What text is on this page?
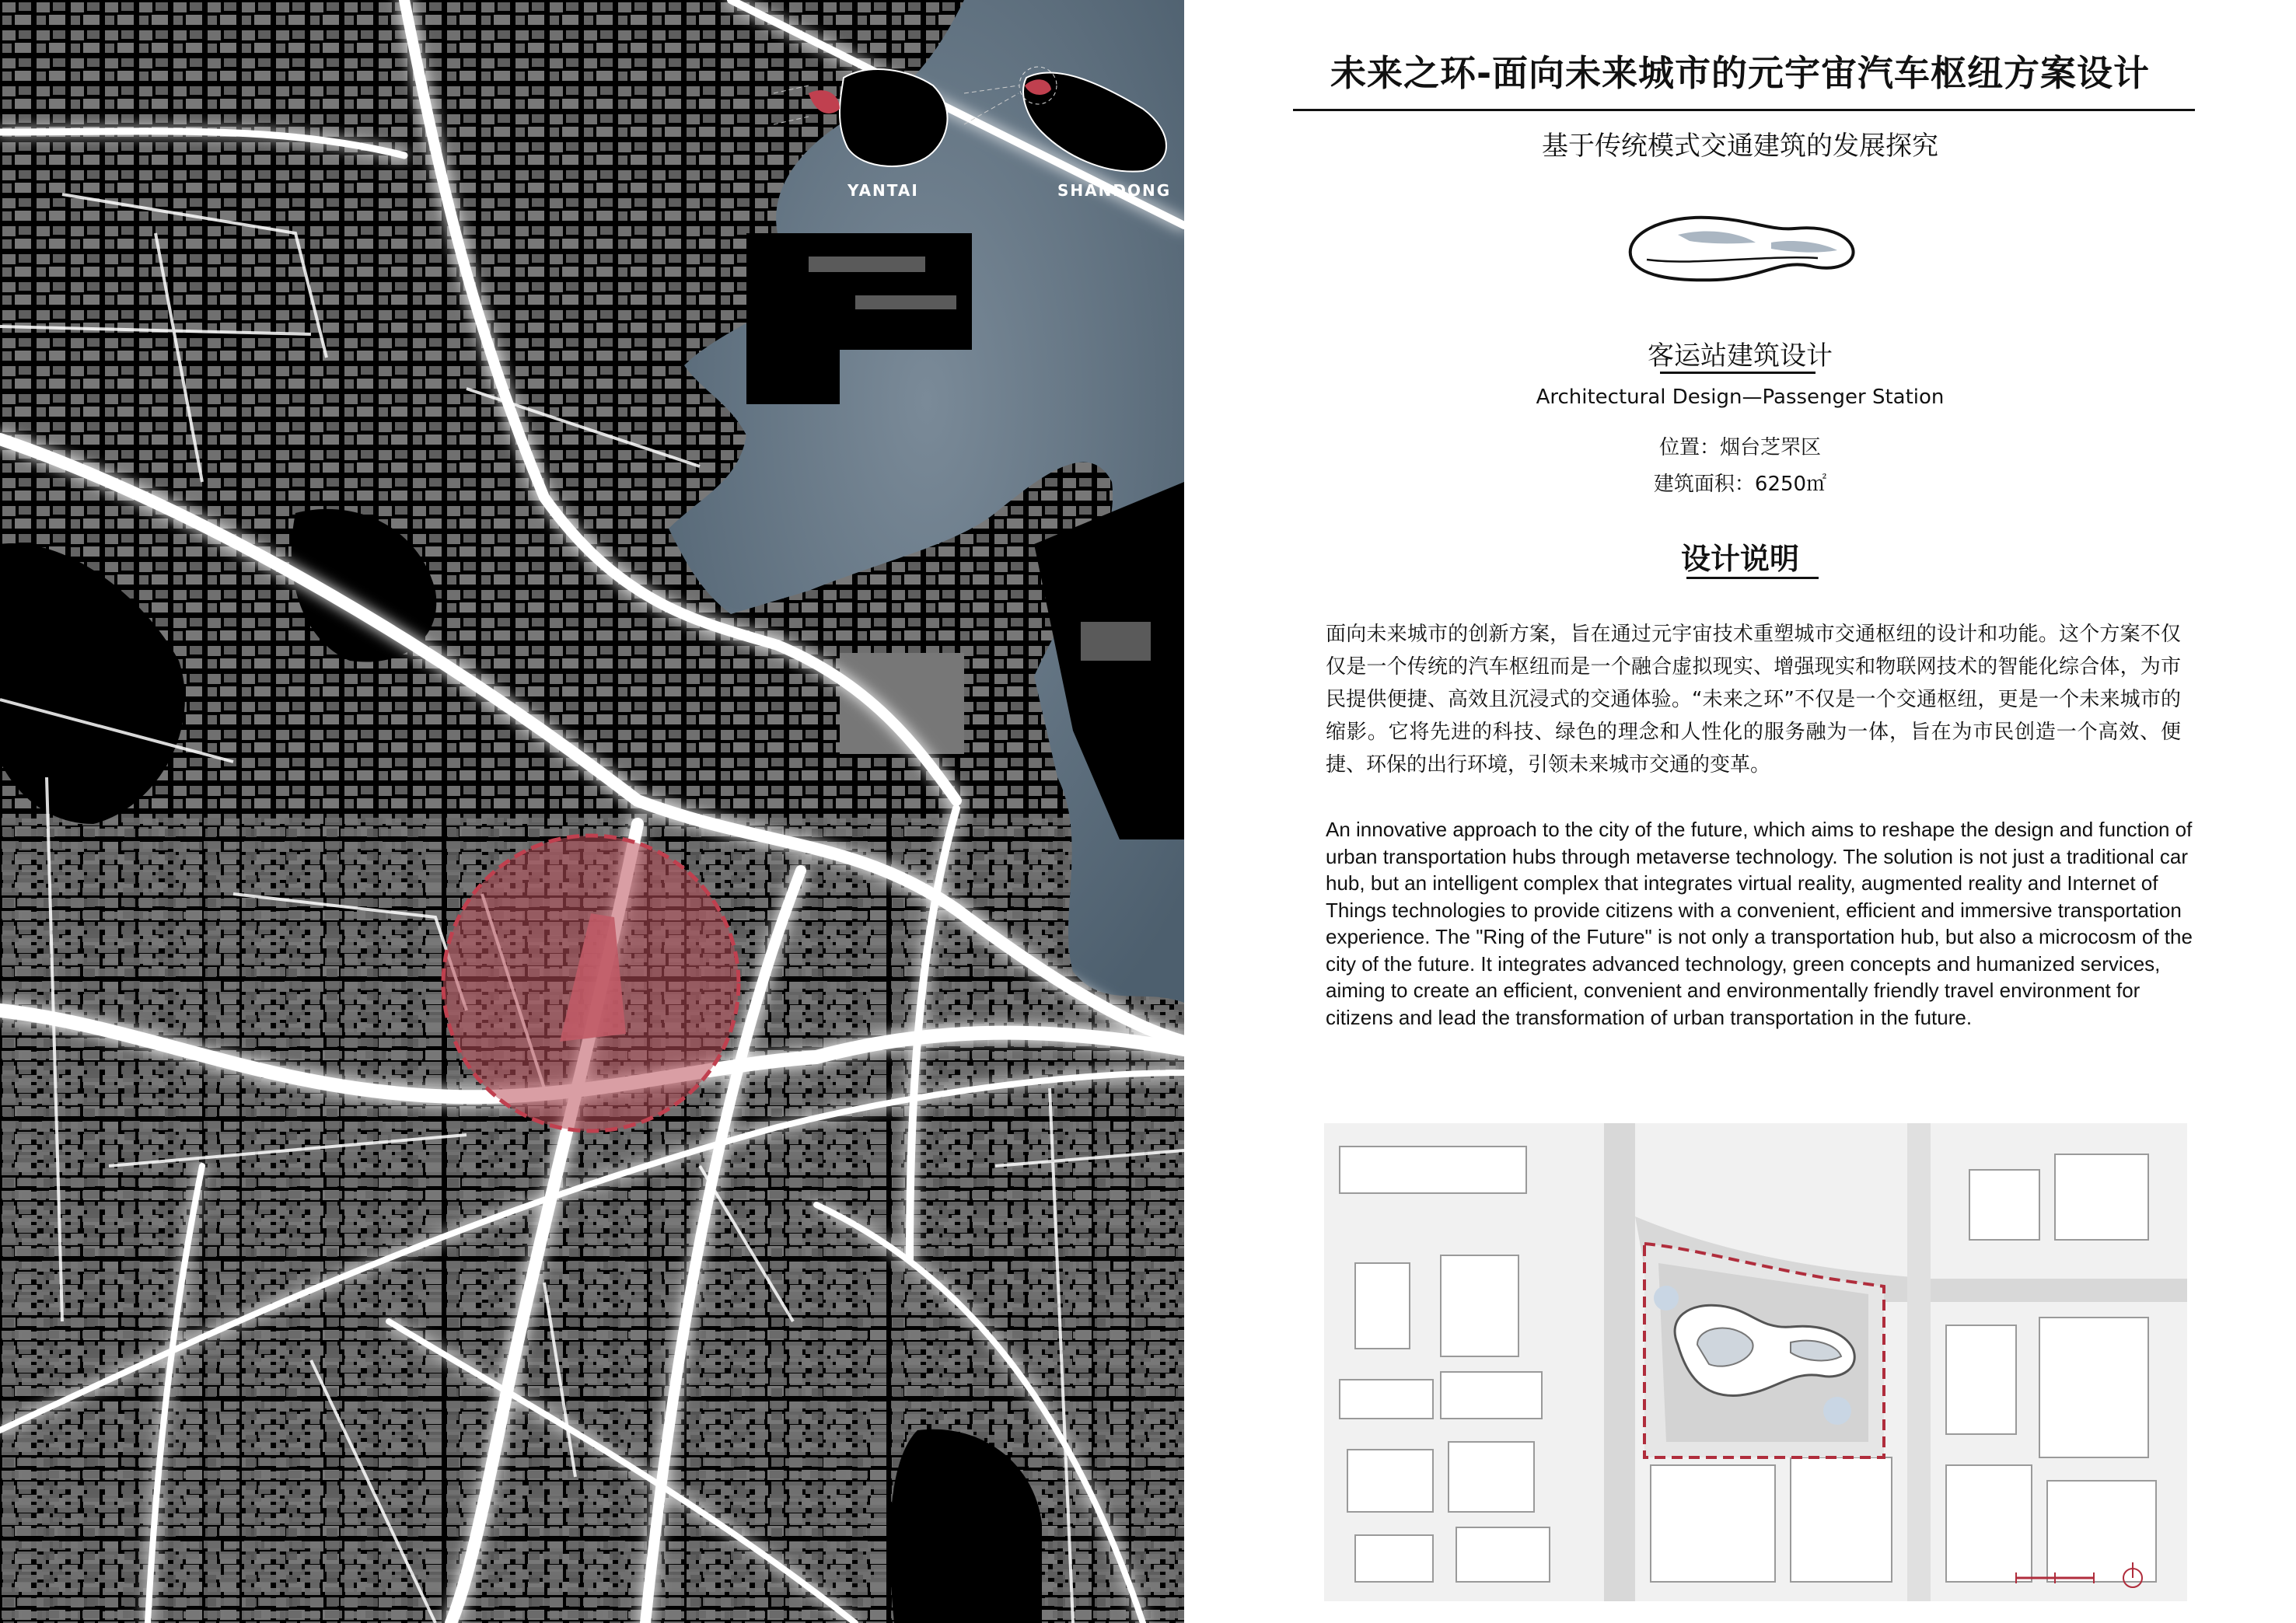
YANTAI	SHANDONG
未来之环-面向未来城市的元宇宙汽车枢纽方案设计
基于传统模式交通建筑的发展探究
客运站建筑设计
Architectural Design—Passenger Station
位置：烟台芝罘区
建筑面积：6250㎡
设计说明
面向未来城市的创新方案，旨在通过元宇宙技术重塑城市交通枢纽的设计和功能。这个方案不仅仅是一个传统的汽车枢纽而是一个融合虚拟现实、增强现实和物联网技术的智能化综合体，为市民提供便捷、高效且沉浸式的交通体验。“未来之环”不仅是一个交通枢纽，更是一个未来城市的缩影。它将先进的科技、绿色的理念和人性化的服务融为一体，旨在为市民创造一个高效、便捷、环保的出行环境，引领未来城市交通的变革。
An innovative approach to the city of the future, which aims to reshape the design and function of urban transportation hubs through metaverse technology. The solution is not just a traditional car hub, but an intelligent complex that integrates virtual reality, augmented reality and Internet of Things technologies to provide citizens with a convenient, efficient and immersive transportation experience. The "Ring of the Future" is not only a transportation hub, but also a microcosm of the city of the future. It integrates advanced technology, green concepts and humanized services, aiming to create an efficient, convenient and environmentally friendly travel environment for citizens and lead the transformation of urban transportation in the future.
